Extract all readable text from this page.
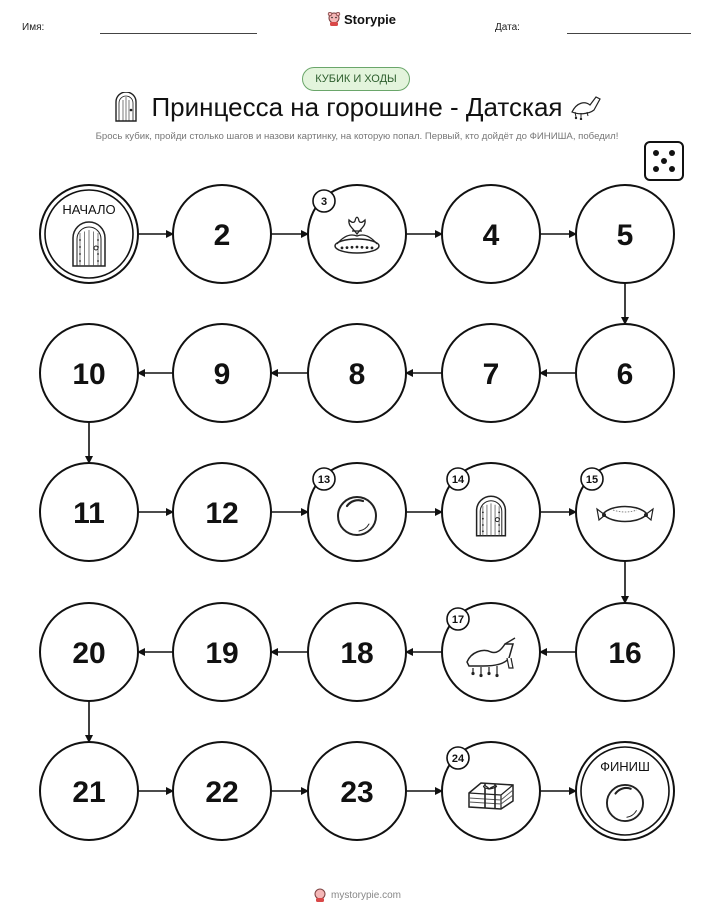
Имя:
Storypie
Дата:
КУБИК И ХОДЫ
Принцесса на горошине - Датская
Брось кубик, пройди столько шагов и назови картинку, на которую попал. Первый, кто дойдёт до ФИНИША, победил!
НАЧАЛО
2
3
4	5
6
7
8
9
10
11	12
13	14	15
16
17
18
19
20
21	22	23
24	ФИНИШ
mystorypie.com
